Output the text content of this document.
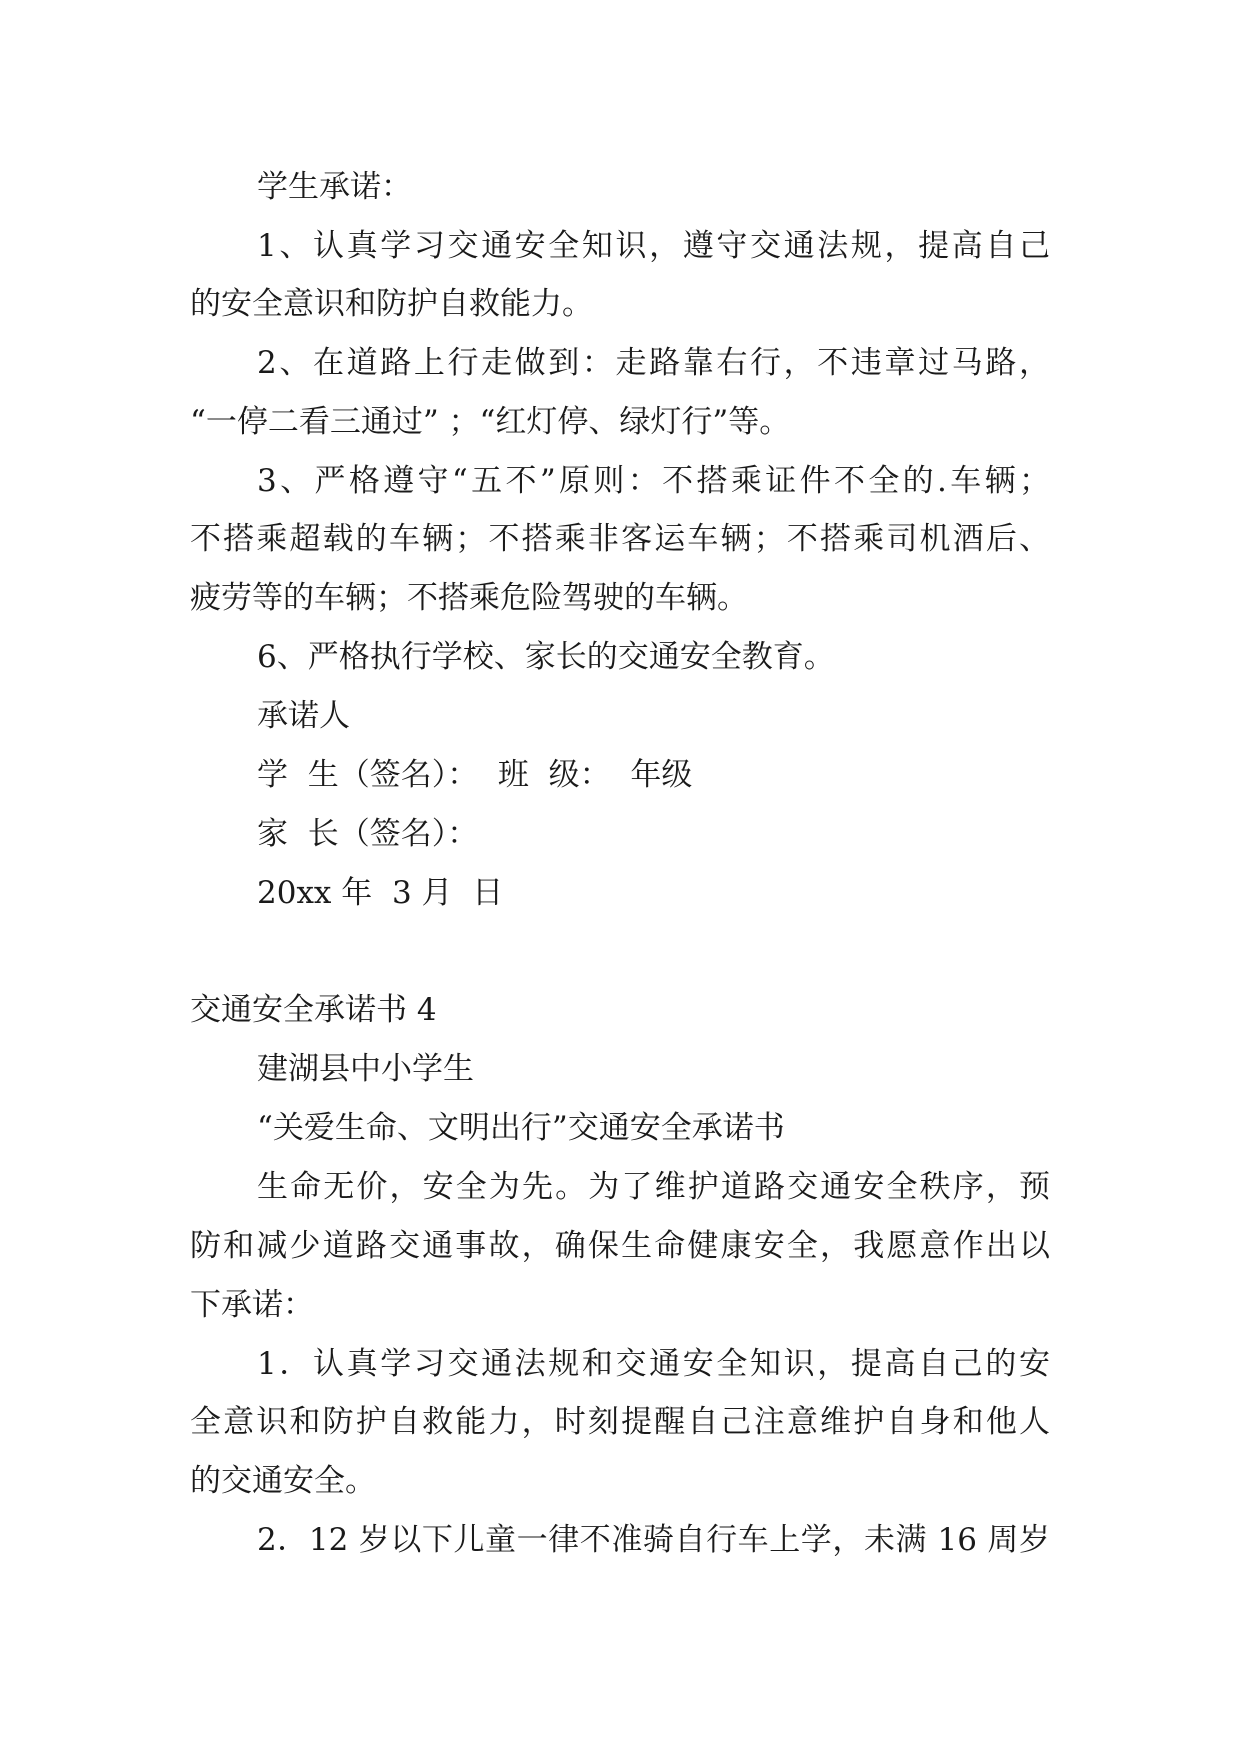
学生承诺：
1、认真学习交通安全知识，遵守交通法规，提高自己
的安全意识和防护自救能力。
2、在道路上行走做到：走路靠右行，不违章过马路，
“一停二看三通过” ；“红灯停、绿灯行”等。
3、严格遵守“五不”原则：不搭乘证件不全的.车辆；
不搭乘超载的车辆；不搭乘非客运车辆；不搭乘司机酒后、
疲劳等的车辆；不搭乘危险驾驶的车辆。
6、严格执行学校、家长的交通安全教育。
承诺人
学  生（签名）：  班  级：  年级
家  长（签名）：
20xx 年  3 月  日
交通安全承诺书 4
建湖县中小学生
“关爱生命、文明出行”交通安全承诺书
生命无价，安全为先。为了维护道路交通安全秩序，预
防和减少道路交通事故，确保生命健康安全，我愿意作出以
下承诺：
1．认真学习交通法规和交通安全知识，提高自己的安
全意识和防护自救能力，时刻提醒自己注意维护自身和他人
的交通安全。
2．12 岁以下儿童一律不准骑自行车上学，未满 16 周岁
